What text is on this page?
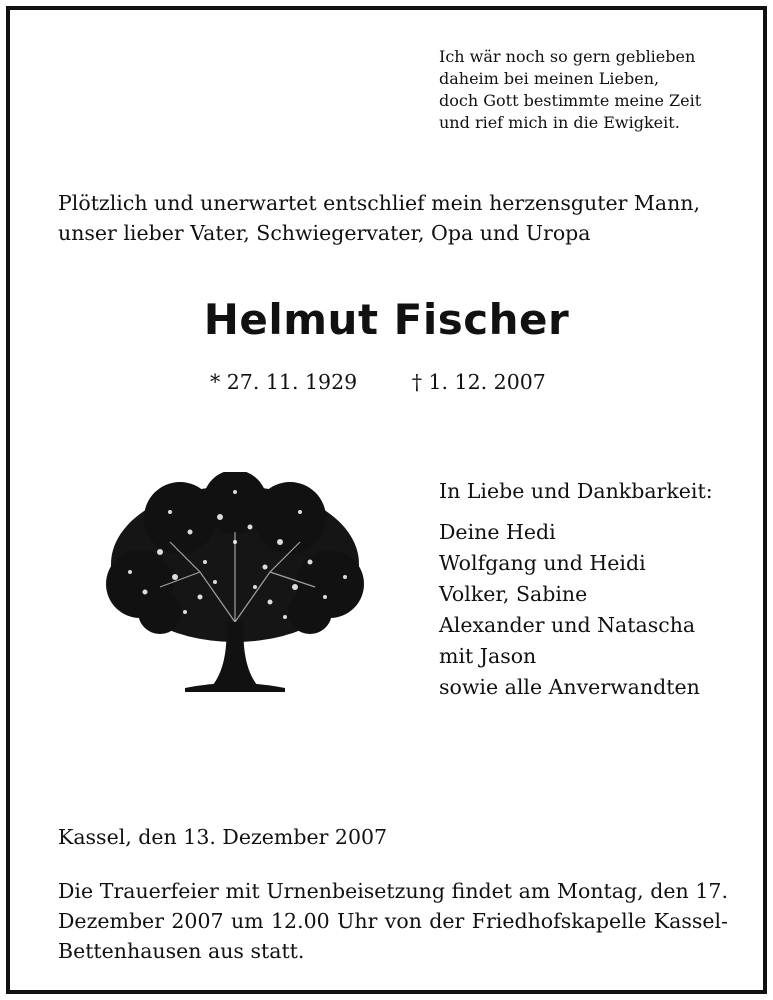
Ich wär noch so gern geblieben
daheim bei meinen Lieben,
doch Gott bestimmte meine Zeit
und rief mich in die Ewigkeit.
Plötzlich und unerwartet entschlief mein herzensguter Mann,
unser lieber Vater, Schwiegervater, Opa und Uropa
Helmut Fischer
* 27. 11. 1929	† 1. 12. 2007
In Liebe und Dankbarkeit:
Deine Hedi
Wolfgang und Heidi
Volker, Sabine
Alexander und Natascha
mit Jason
sowie alle Anverwandten
Kassel, den 13. Dezember 2007
Die Trauerfeier mit Urnenbeisetzung findet am Montag, den 17. Dezember 2007 um 12.00 Uhr von der Friedhofskapelle Kassel-Bettenhausen aus statt.
